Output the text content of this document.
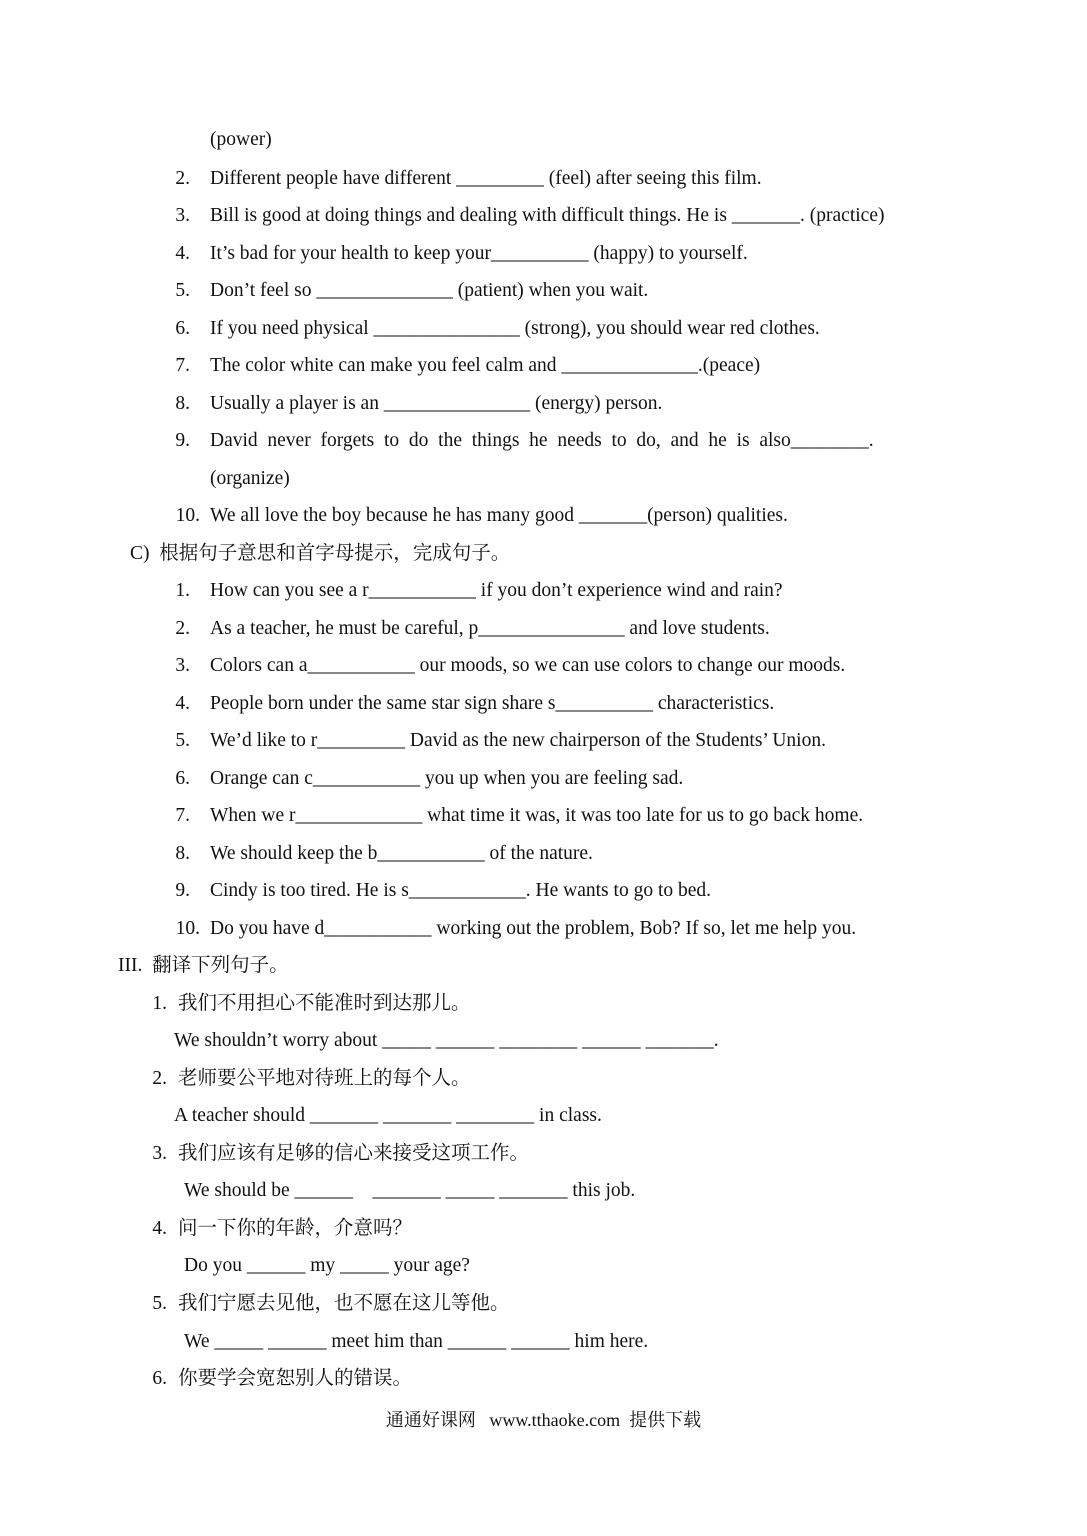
(power)
2. Different people have different _________ (feel) after seeing this film.
3. Bill is good at doing things and dealing with difficult things. He is _______. (practice)
4. It’s bad for your health to keep your__________ (happy) to yourself.
5. Don’t feel so ______________ (patient) when you wait.
6. If you need physical _______________ (strong), you should wear red clothes.
7. The color white can make you feel calm and ______________.(peace)
8. Usually a player is an _______________ (energy) person.
9. David  never  forgets  to  do  the  things  he  needs  to  do,  and  he  is  also________.
(organize)
10. We all love the boy because he has many good _______(person) qualities.
C)  根据句子意思和首字母提示，完成句子。
1. How can you see a r___________ if you don’t experience wind and rain?
2. As a teacher, he must be careful, p_______________ and love students.
3. Colors can a___________ our moods, so we can use colors to change our moods.
4. People born under the same star sign share s__________ characteristics.
5. We’d like to r_________ David as the new chairperson of the Students’ Union.
6. Orange can c___________ you up when you are feeling sad.
7. When we r_____________ what time it was, it was too late for us to go back home.
8. We should keep the b___________ of the nature.
9. Cindy is too tired. He is s____________. He wants to go to bed.
10. Do you have d___________ working out the problem, Bob? If so, let me help you.
III.  翻译下列句子。
1. 我们不用担心不能准时到达那儿。
We shouldn’t worry about _____ ______ ________ ______ _______.
2. 老师要公平地对待班上的每个人。
A teacher should _______ _______ ________ in class.
3. 我们应该有足够的信心来接受这项工作。
We should be ______    _______ _____ _______ this job.
4. 问一下你的年龄，介意吗？
Do you ______ my _____ your age?
5. 我们宁愿去见他，也不愿在这儿等他。
We _____ ______ meet him than ______ ______ him here.
6. 你要学会宽恕别人的错误。
通通好课网   www.tthaoke.com  提供下载
